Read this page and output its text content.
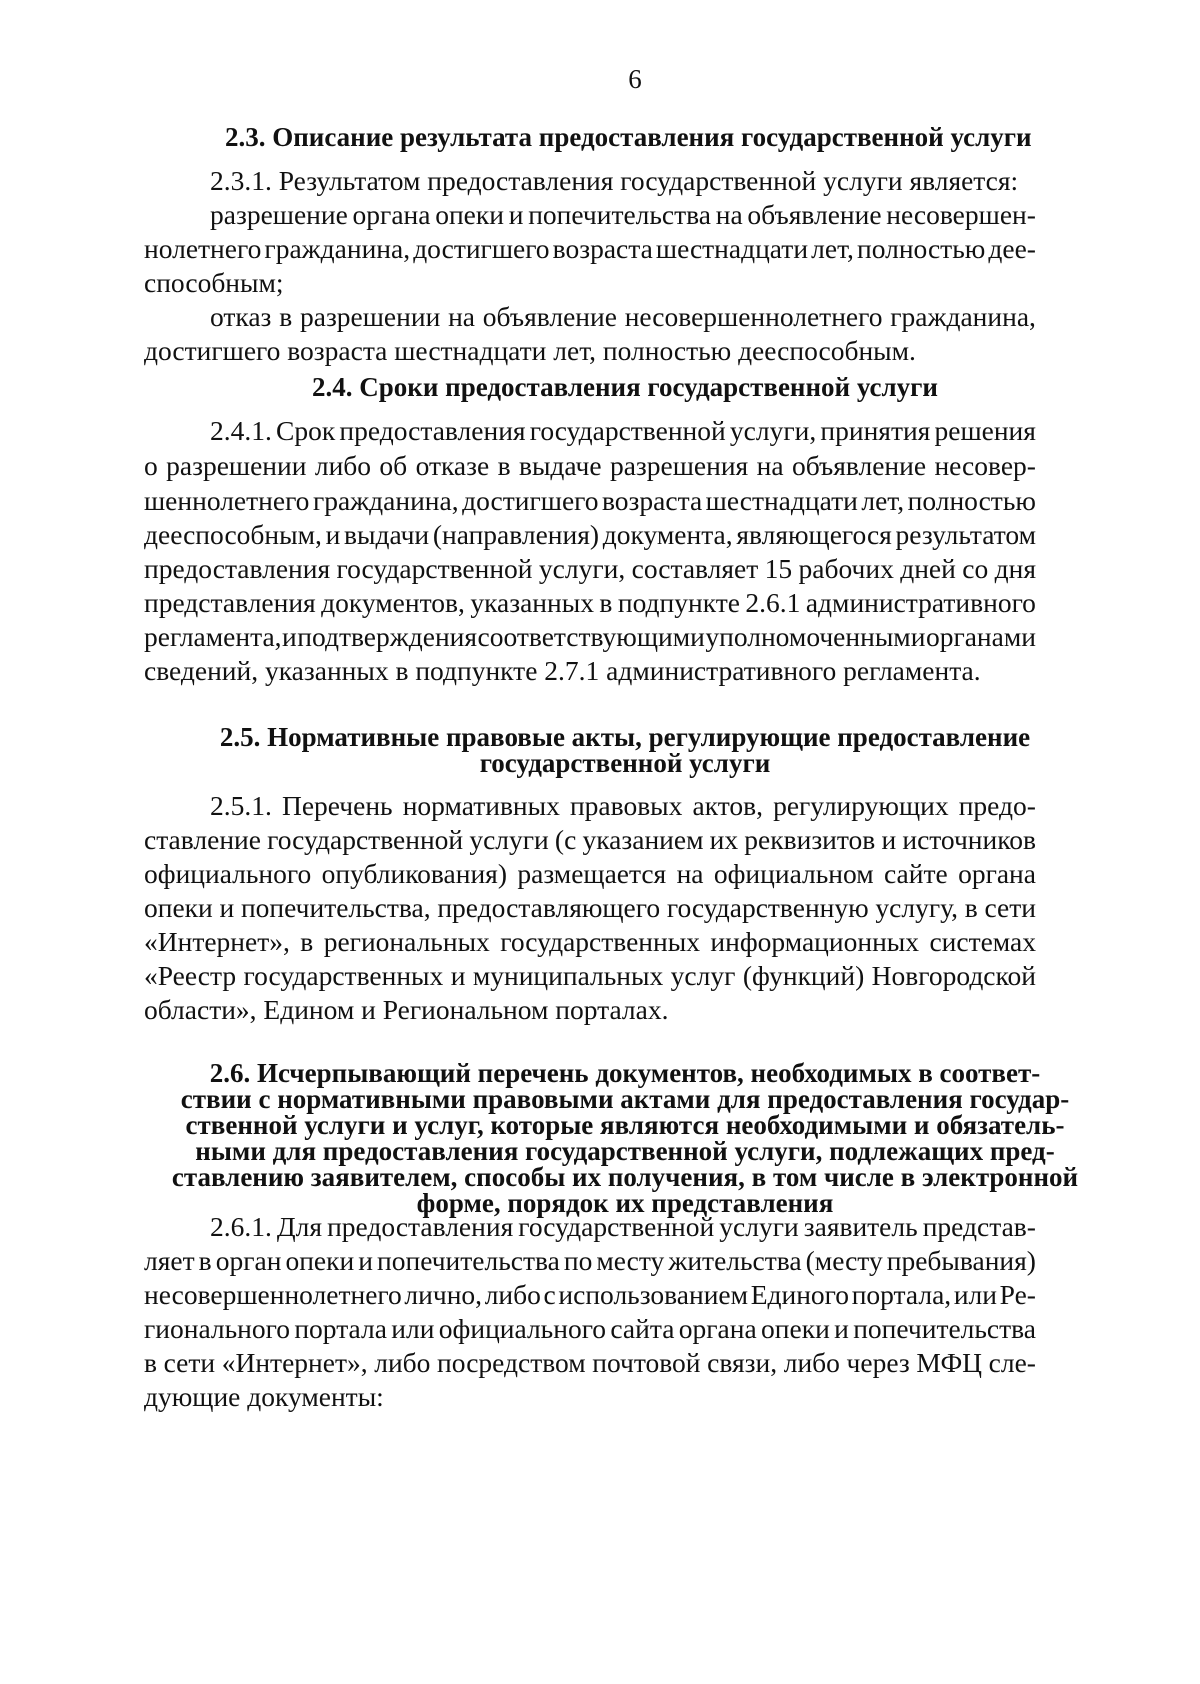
6
2.3. Описание результата предоставления государственной услуги
2.3.1. Результатом предоставления государственной услуги является:
разрешение органа опеки и попечительства на объявление несовершен-
нолетнего гражданина, достигшего возраста шестнадцати лет, полностью дее-
способным;
отказ в разрешении на объявление несовершеннолетнего гражданина,
достигшего возраста шестнадцати лет, полностью дееспособным.
2.4. Сроки предоставления государственной услуги
2.4.1. Срок предоставления государственной услуги, принятия решения
о разрешении либо об отказе в выдаче разрешения на объявление несовер-
шеннолетнего гражданина, достигшего возраста шестнадцати лет, полностью
дееспособным, и выдачи (направления) документа, являющегося результатом
предоставления государственной услуги, составляет 15 рабочих дней со дня
представления документов, указанных в подпункте 2.6.1 административного
регламента, и подтверждения соответствующими уполномоченными органами
сведений, указанных в подпункте 2.7.1 административного регламента.
2.5. Нормативные правовые акты, регулирующие предоставление
государственной услуги
2.5.1. Перечень нормативных правовых актов, регулирующих предо-
ставление государственной услуги (с указанием их реквизитов и источников
официального опубликования) размещается на официальном сайте органа
опеки и попечительства, предоставляющего государственную услугу, в сети
«Интернет», в региональных государственных информационных системах
«Реестр государственных и муниципальных услуг (функций) Новгородской
области», Едином и Региональном порталах.
2.6. Исчерпывающий перечень документов, необходимых в соответ-
ствии с нормативными правовыми актами для предоставления государ-
ственной услуги и услуг, которые являются необходимыми и обязатель-
ными для предоставления государственной услуги, подлежащих пред-
ставлению заявителем, способы их получения, в том числе в электронной
форме, порядок их представления
2.6.1. Для предоставления государственной услуги заявитель представ-
ляет в орган опеки и попечительства по месту жительства (месту пребывания)
несовершеннолетнего лично, либо с использованием Единого портала, или Ре-
гионального портала или официального сайта органа опеки и попечительства
в сети «Интернет», либо посредством почтовой связи, либо через МФЦ сле-
дующие документы:
